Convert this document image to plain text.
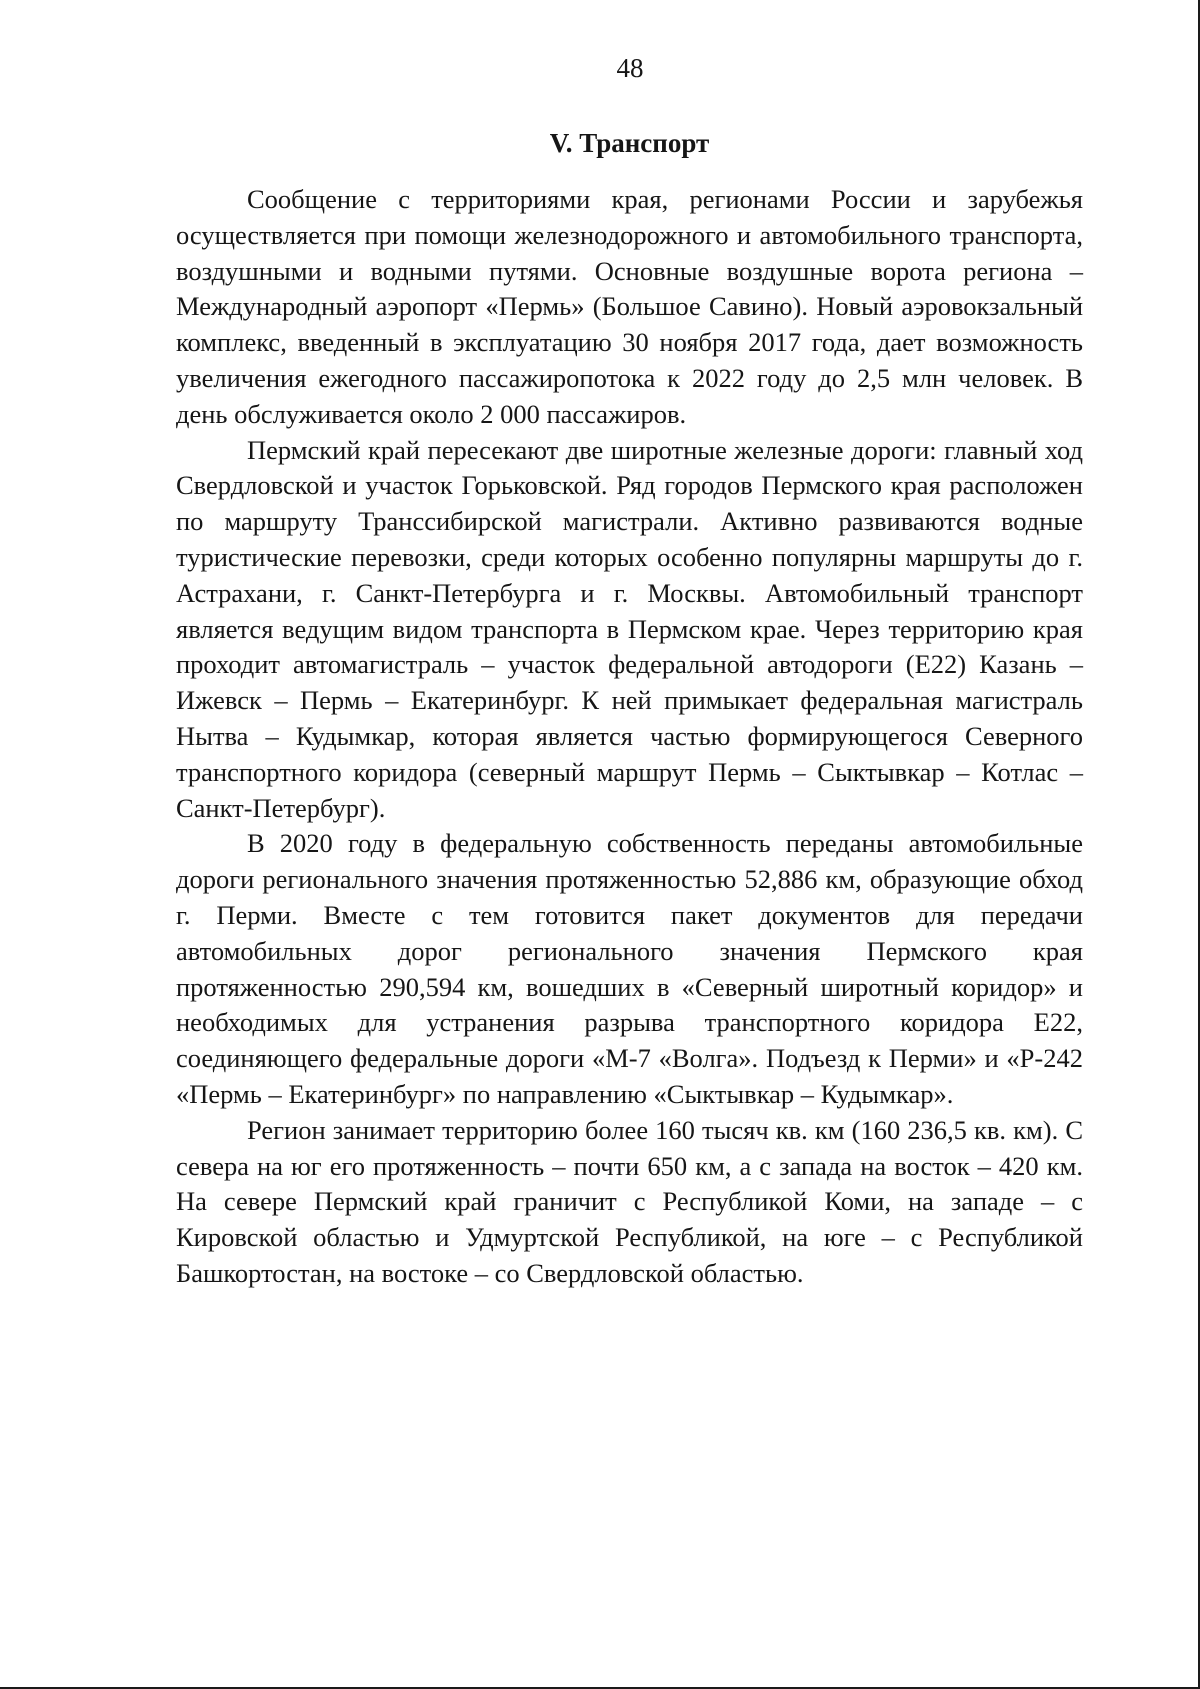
48
V. Транспорт

Сообщение с территориями края, регионами России и зарубежья осуществляется при помощи железнодорожного и автомобильного транспорта, воздушными и водными путями. Основные воздушные ворота региона – Международный аэропорт «Пермь» (Большое Савино). Новый аэровокзальный комплекс, введенный в эксплуатацию 30 ноября 2017 года, дает возможность увеличения ежегодного пассажиропотока к 2022 году до 2,5 млн человек. В день обслуживается около 2 000 пассажиров.

Пермский край пересекают две широтные железные дороги: главный ход Свердловской и участок Горьковской. Ряд городов Пермского края расположен по маршруту Транссибирской магистрали. Активно развиваются водные туристические перевозки, среди которых особенно популярны маршруты до г. Астрахани, г. Санкт-Петербурга и г. Москвы. Автомобильный транспорт является ведущим видом транспорта в Пермском крае. Через территорию края проходит автомагистраль – участок федеральной автодороги (Е22) Казань – Ижевск – Пермь – Екатеринбург. К ней примыкает федеральная магистраль Нытва – Кудымкар, которая является частью формирующегося Северного транспортного коридора (северный маршрут Пермь – Сыктывкар – Котлас – Санкт-Петербург).

В 2020 году в федеральную собственность переданы автомобильные дороги регионального значения протяженностью 52,886 км, образующие обход г. Перми. Вместе с тем готовится пакет документов для передачи автомобильных дорог регионального значения Пермского края протяженностью 290,594 км, вошедших в «Северный широтный коридор» и необходимых для устранения разрыва транспортного коридора Е22, соединяющего федеральные дороги «М-7 «Волга». Подъезд к Перми» и «Р-242 «Пермь – Екатеринбург» по направлению «Сыктывкар – Кудымкар».

Регион занимает территорию более 160 тысяч кв. км (160 236,5 кв. км). С севера на юг его протяженность – почти 650 км, а с запада на восток – 420 км. На севере Пермский край граничит с Республикой Коми, на западе – с Кировской областью и Удмуртской Республикой, на юге – с Республикой Башкортостан, на востоке – со Свердловской областью.
